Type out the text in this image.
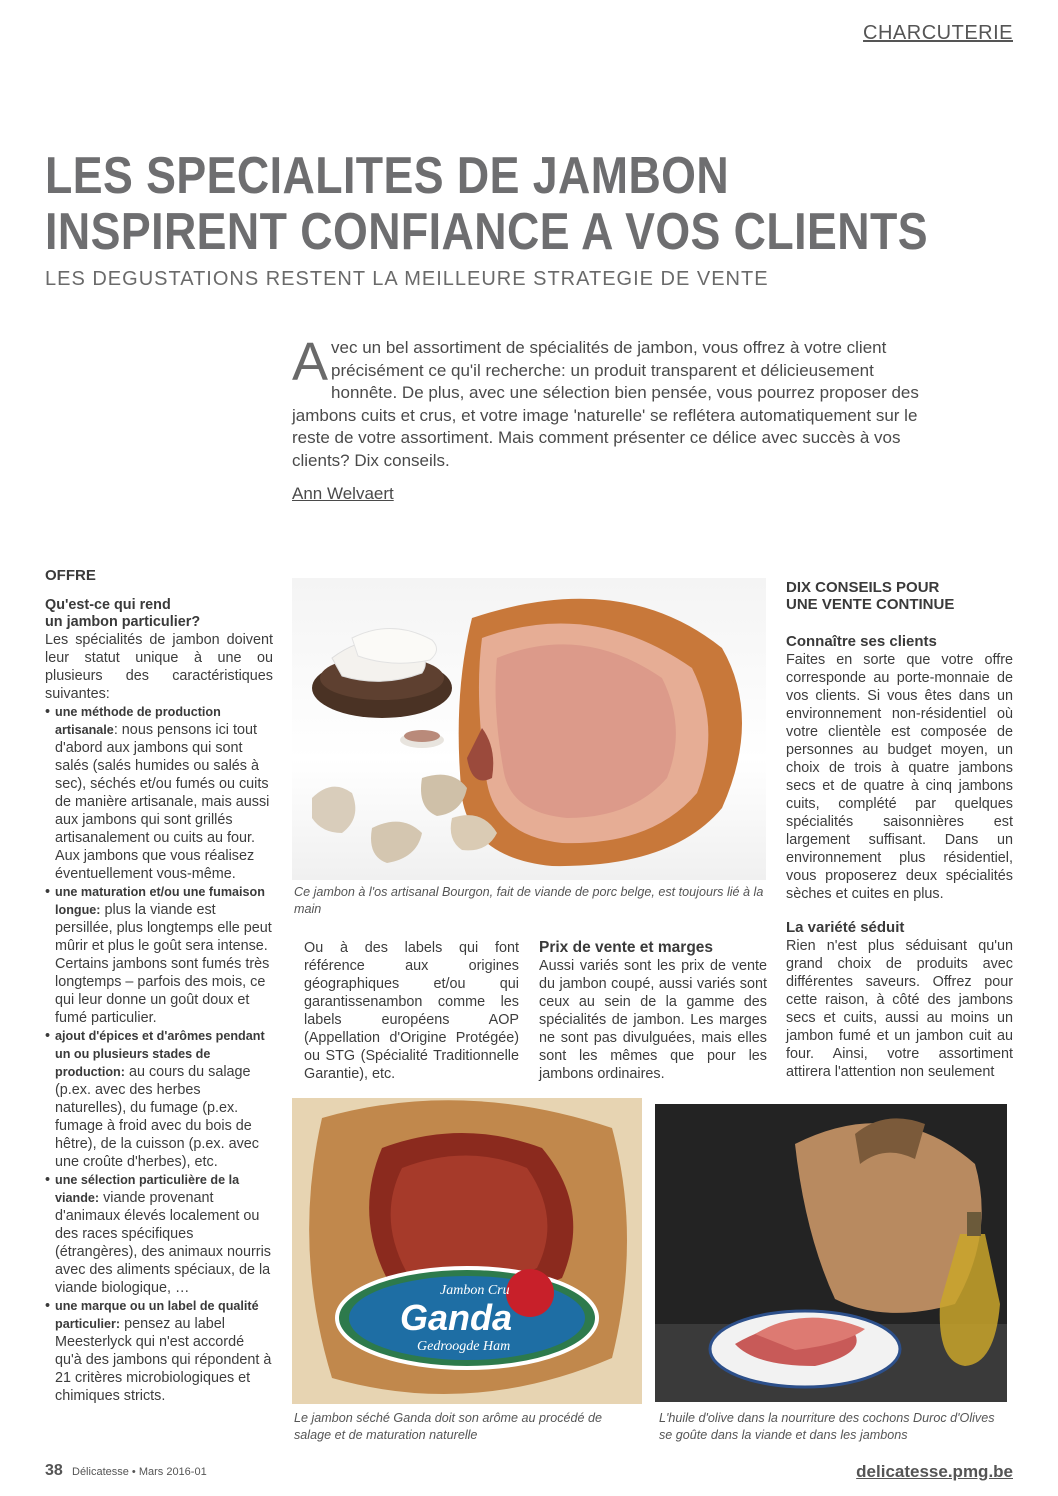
CHARCUTERIE
LES SPECIALITES DE JAMBON
INSPIRENT CONFIANCE A VOS CLIENTS
LES DEGUSTATIONS RESTENT LA MEILLEURE STRATEGIE DE VENTE
Avec un bel assortiment de spécialités de jambon, vous offrez à votre client précisément ce qu'il recherche: un produit transparent et délicieusement honnête. De plus, avec une sélection bien pensée, vous pourrez proposer des jambons cuits et crus, et votre image 'naturelle' se reflétera automatiquement sur le reste de votre assortiment. Mais comment présenter ce délice avec succès à vos clients? Dix conseils.
Ann Welvaert

OFFRE

Qu'est-ce qui rend
un jambon particulier?

Les spécialités de jambon doivent leur statut unique à une ou plusieurs des caractéristiques suivantes:

• une méthode de production artisanale: nous pensons ici tout d'abord aux jambons qui sont salés (salés humides ou salés à sec), séchés et/ou fumés ou cuits de manière artisanale, mais aussi aux jambons qui sont grillés artisanalement ou cuits au four.

Aux jambons que vous réalisez éventuellement vous-même.

• une maturation et/ou une fumaison longue: plus la viande est persillée, plus longtemps elle peut mûrir et plus le goût sera intense.

Certains jambons sont fumés très longtemps – parfois des mois, ce qui leur donne un goût doux et fumé particulier.

• ajout d'épices et d'arômes pendant un ou plusieurs stades de production: au cours du salage (p.ex. avec des herbes naturelles), du fumage (p.ex. fumage à froid avec du bois de hêtre), de la cuisson (p.ex. avec une croûte d'herbes), etc.

• une sélection particulière de la viande: viande provenant d'animaux élevés localement ou des races spécifiques (étrangères), des animaux nourris avec des aliments spéciaux, de la viande biologique, …

• une marque ou un label de qualité particulier: pensez au label Meesterlyck qui n'est accordé qu'à des jambons qui répondent à 21 critères microbiologiques et chimiques stricts.

Ce jambon à l'os artisanal Bourgon, fait de viande de porc belge, est toujours lié à la main
Ou à des labels qui font référence aux origines géographiques et/ou qui garantissenambon comme les labels européens AOP (Appellation d'Origine Protégée) ou STG (Spécialité Traditionnelle Garantie), etc.

Prix de vente et marges

Aussi variés sont les prix de vente du jambon coupé, aussi variés sont ceux au sein de la gamme des spécialités de jambon. Les marges ne sont pas divulguées, mais elles sont les mêmes que pour les jambons ordinaires.

DIX CONSEILS POUR
UNE VENTE CONTINUE

Connaître ses clients

Faites en sorte que votre offre corresponde au porte-monnaie de vos clients. Si vous êtes dans un environnement non-résidentiel où votre clientèle est composée de personnes au budget moyen, un choix de trois à quatre jambons secs et de quatre à cinq jambons cuits, complété par quelques spécialités saisonnières est largement suffisant. Dans un environnement plus résidentiel, vous proposerez deux spécialités sèches et cuites en plus.

La variété séduit

Rien n'est plus séduisant qu'un grand choix de produits avec différentes saveurs. Offrez pour cette raison, à côté des jambons secs et cuits, aussi au moins un jambon fumé et un jambon cuit au four. Ainsi, votre assortiment attirera l'attention non seulement

Jambon Cru
Ganda
Gedroogde Ham
Le jambon séché Ganda doit son arôme au procédé de salage et de maturation naturelle
L'huile d'olive dans la nourriture des cochons Duroc d'Olives se goûte dans la viande et dans les jambons
38 Délicatesse • Mars 2016-01	delicatesse.pmg.be
